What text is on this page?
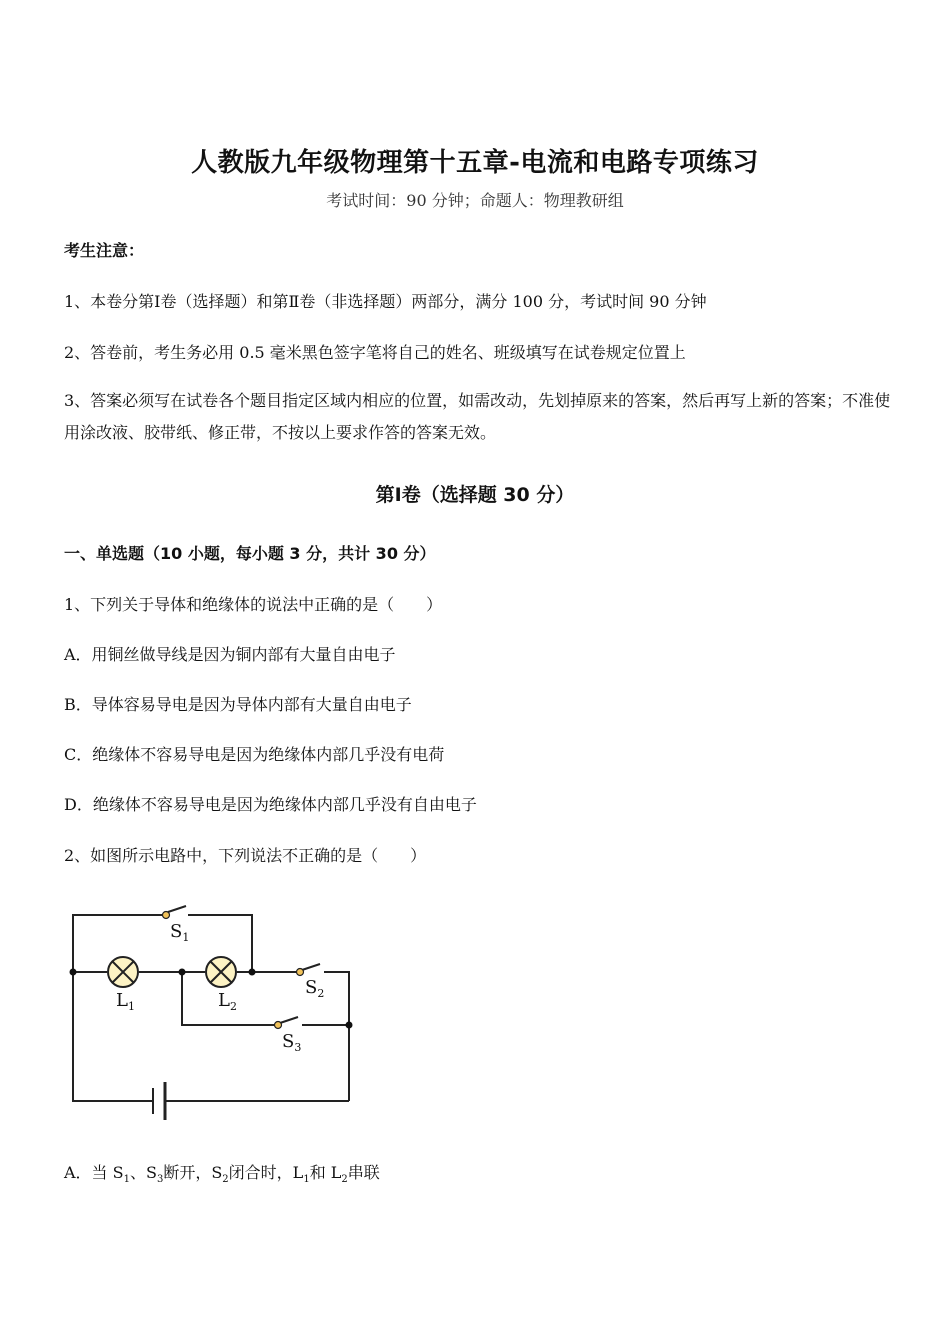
人教版九年级物理第十五章-电流和电路专项练习
考试时间：90 分钟；命题人：物理教研组
考生注意：
1、本卷分第Ⅰ卷（选择题）和第Ⅱ卷（非选择题）两部分，满分 100 分，考试时间 90 分钟
2、答卷前，考生务必用 0.5 毫米黑色签字笔将自己的姓名、班级填写在试卷规定位置上
3、答案必须写在试卷各个题目指定区域内相应的位置，如需改动，先划掉原来的答案，然后再写上新的答案；不准使用涂改液、胶带纸、修正带，不按以上要求作答的答案无效。
第Ⅰ卷（选择题 30 分）
一、单选题（10 小题，每小题 3 分，共计 30 分）
1、下列关于导体和绝缘体的说法中正确的是（　　）
A．用铜丝做导线是因为铜内部有大量自由电子
B．导体容易导电是因为导体内部有大量自由电子
C．绝缘体不容易导电是因为绝缘体内部几乎没有电荷
D．绝缘体不容易导电是因为绝缘体内部几乎没有自由电子
2、如图所示电路中，下列说法不正确的是（　　）
$S_1$
$S_2$
$S_3$
$L_1$	$L_2$
A．当 $S_1$、$S_3$断开，$S_2$闭合时，$L_1$和 $L_2$串联
